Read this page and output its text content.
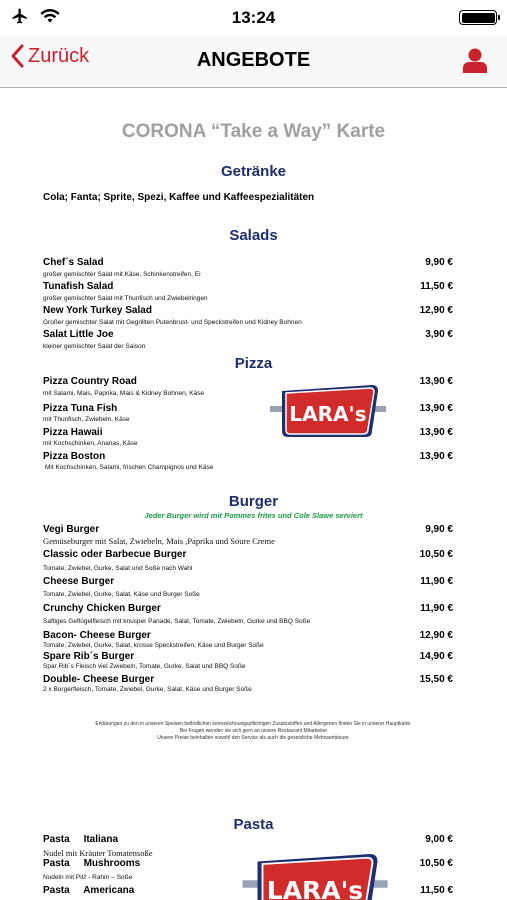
13:24
Zurück	ANGEBOTE
CORONA “Take a Way” Karte
Getränke
Cola; Fanta; Sprite, Spezi, Kaffee und Kaffeespezialitäten
Salads
Chef´s Salad	9,90 €
großer gemischter Salat mit Käse, Schinkenstreifen, Ei
Tunafish Salad	11,50 €
großer gemischter Salat mit Thunfisch und Zwiebelringen
New York Turkey Salad	12,90 €
Großer gemischter Salat mit Gegrillten Putenbrust- und Speckstreifen und Kidney Bohnen
Salat Little Joe	3,90 €
kleiner gemischter Salat der Saison
Pizza
Pizza Country Road	13,90 €
mit Salami, Mais, Paprika, Mais & Kidney Bohnen, Käse
Pizza Tuna Fish	13,90 €
mit Thunfisch, Zwiebeln, Käse
Pizza Hawaii	13,90 €
mit Kochschinken, Ananas, Käse
Pizza Boston	13,90 €
Mit Kochschinken, Salami, frischen Champignos und Käse
LARA's
Burger
Jeder Burger wird mit Pommes frites und Cole Slawe serviert
Vegi Burger	9,90 €
Gemüseburger mit Salat, Zwiebeln, Mais ,Paprika und Soure Creme
Classic oder Barbecue Burger	10,50 €
Tomate, Zwiebel, Gurke, Salat und Soße nach Wahl
Cheese Burger	11,90 €
Tomate, Zwiebel, Gurke, Salat, Käse und Burger Soße
Crunchy Chicken Burger	11,90 €
Saftiges Geflügelfleisch mit knusper Panade, Salat, Tomate, Zwiebeln, Gurke und BBQ Soße
Bacon- Cheese Burger	12,90 €
Tomate, Zwiebel, Gurke, Salat, krosse Speckstreifen, Käse und Burger Soße
Spare Rib´s Burger	14,90 €
Spar Rib´s Fleisch viel Zwiebeln, Tomate, Gurke, Salat und BBQ Soße
Double- Cheese Burger	15,50 €
2 x Burgerfleisch, Tomate, Zwiebel, Gurke, Salat, Käse und Burger Soße
Erklärungen zu den in unseren Speisen befindlichen kennzeichnungspflichtigen Zusatzstoffen und Allergenen finden Sie in unserer Hauptkarte.
Bei Fragen wenden sie sich gern an unsere Restaurant Mitarbeiter
Unsere Preise beinhalten sowohl den Service als auch die gesetzliche Mehrwertsteuer.
Pasta
Pasta     Italiana	9,00 €
Nudel mit Kräuter Tomatensoße
Pasta     Mushrooms	10,50 €
Nudeln mit Pilz - Rahm – Soße
Pasta     Americana	11,50 €
LARA's
